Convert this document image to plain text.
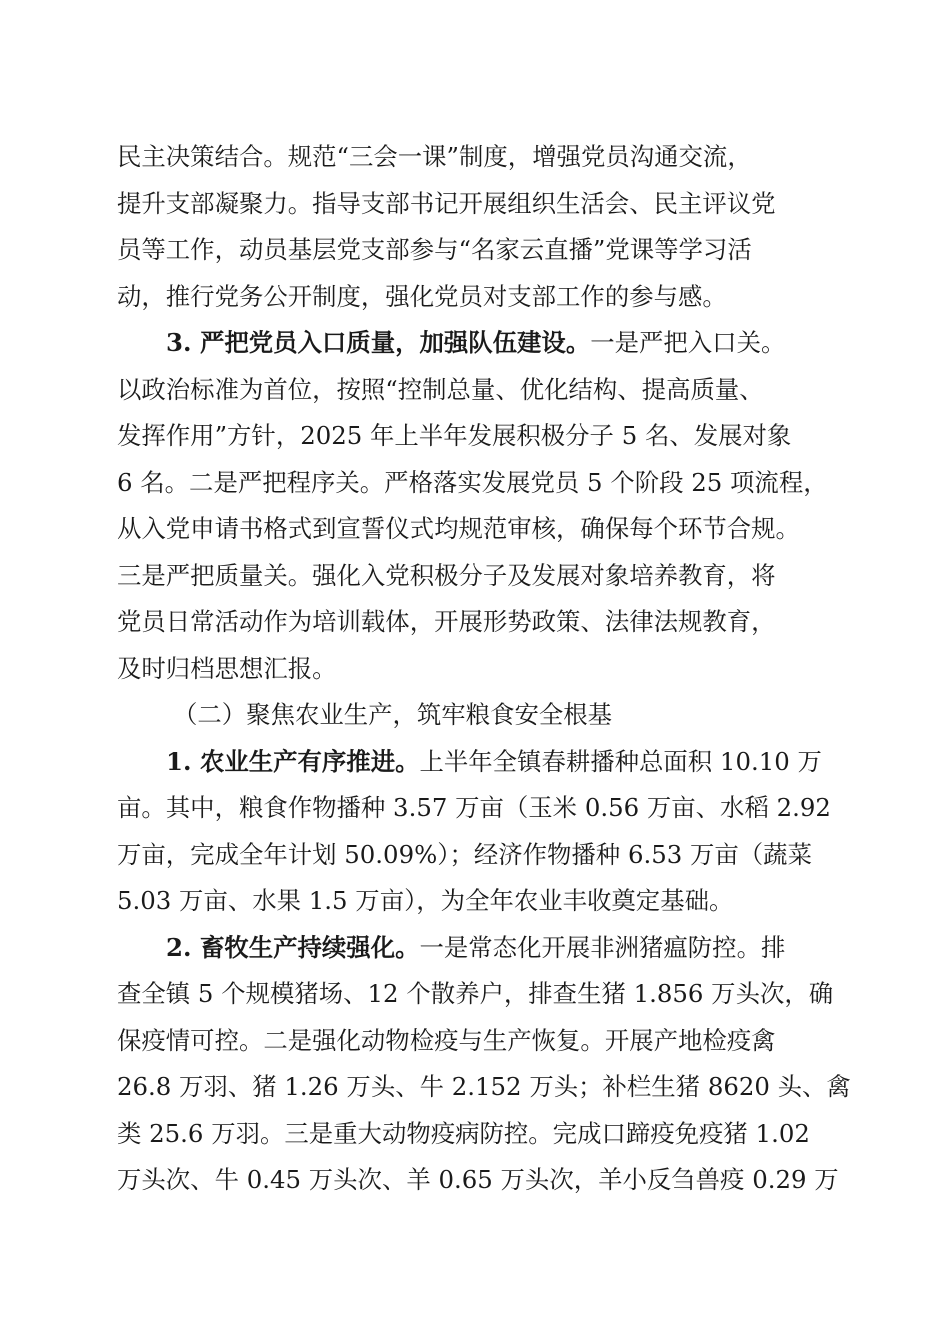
民主决策结合。规范“三会一课”制度，增强党员沟通交流，
提升支部凝聚力。指导支部书记开展组织生活会、民主评议党
员等工作，动员基层党支部参与“名家云直播”党课等学习活
动，推行党务公开制度，强化党员对支部工作的参与感。

3. 严把党员入口质量，加强队伍建设。一是严把入口关。
以政治标准为首位，按照“控制总量、优化结构、提高质量、
发挥作用”方针，2025 年上半年发展积极分子 5 名、发展对象
6 名。二是严把程序关。严格落实发展党员 5 个阶段 25 项流程，
从入党申请书格式到宣誓仪式均规范审核，确保每个环节合规。
三是严把质量关。强化入党积极分子及发展对象培养教育，将
党员日常活动作为培训载体，开展形势政策、法律法规教育，
及时归档思想汇报。

（二）聚焦农业生产，筑牢粮食安全根基

1. 农业生产有序推进。上半年全镇春耕播种总面积 10.10 万
亩。其中，粮食作物播种 3.57 万亩（玉米 0.56 万亩、水稻 2.92
万亩，完成全年计划 50.09%）；经济作物播种 6.53 万亩（蔬菜
5.03 万亩、水果 1.5 万亩），为全年农业丰收奠定基础。

2. 畜牧生产持续强化。一是常态化开展非洲猪瘟防控。排
查全镇 5 个规模猪场、12 个散养户，排查生猪 1.856 万头次，确
保疫情可控。二是强化动物检疫与生产恢复。开展产地检疫禽
26.8 万羽、猪 1.26 万头、牛 2.152 万头；补栏生猪 8620 头、禽
类 25.6 万羽。三是重大动物疫病防控。完成口蹄疫免疫猪 1.02
万头次、牛 0.45 万头次、羊 0.65 万头次，羊小反刍兽疫 0.29 万
